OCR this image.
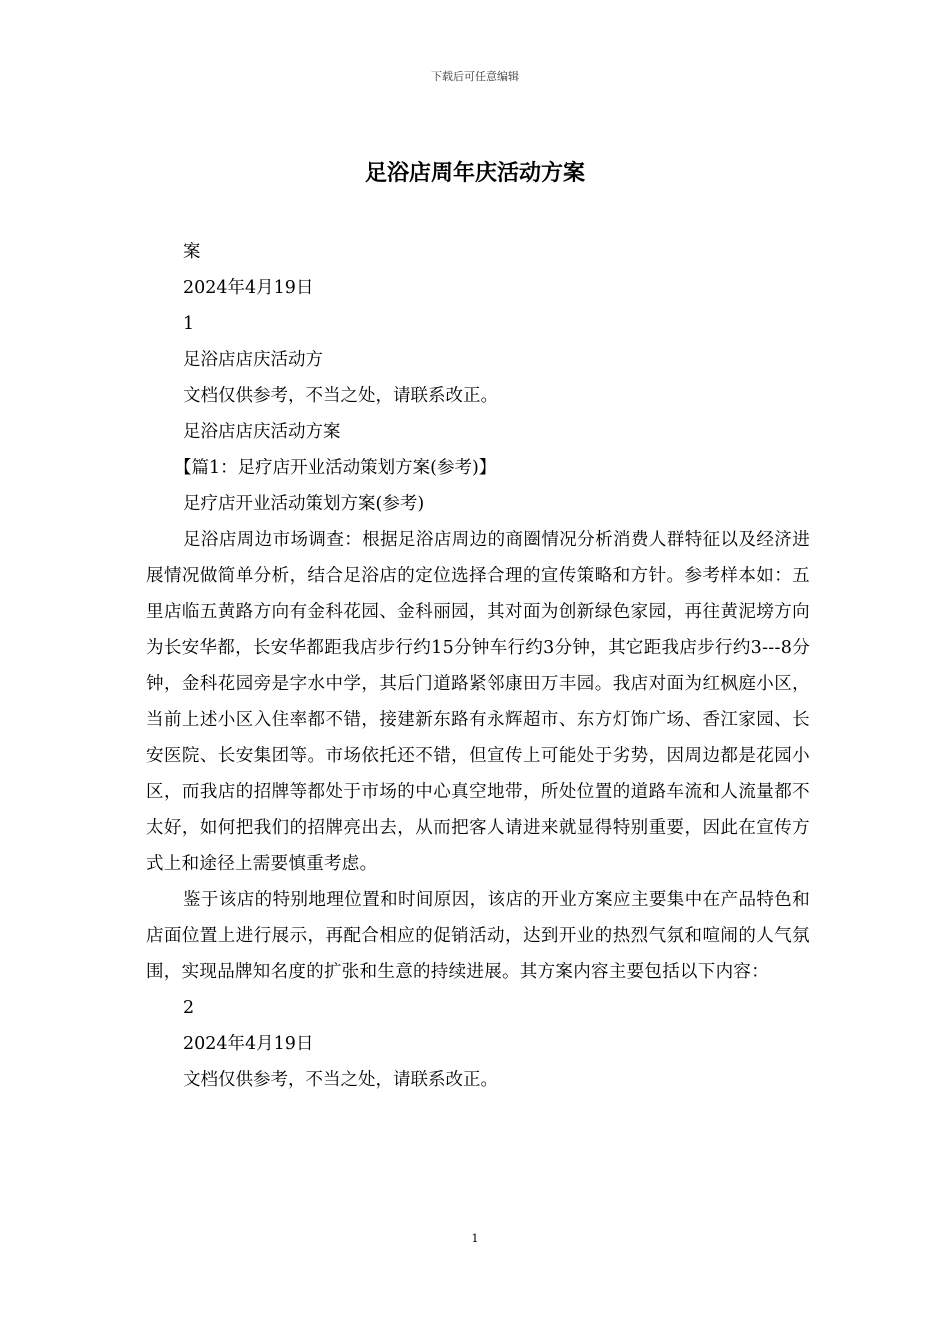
下载后可任意编辑
足浴店周年庆活动方案
案
2024年4月19日
1
足浴店店庆活动方
文档仅供参考，不当之处，请联系改正。
足浴店店庆活动方案
【篇1：足疗店开业活动策划方案(参考)】
足疗店开业活动策划方案(参考)
足浴店周边市场调查：根据足浴店周边的商圈情况分析消费人群特征以及经济进展情况做简单分析，结合足浴店的定位选择合理的宣传策略和方针。参考样本如：五里店临五黄路方向有金科花园、金科丽园，其对面为创新绿色家园，再往黄泥塝方向为长安华都，长安华都距我店步行约15分钟车行约3分钟，其它距我店步行约3---8分钟，金科花园旁是字水中学，其后门道路紧邻康田万丰园。我店对面为红枫庭小区，当前上述小区入住率都不错，接建新东路有永辉超市、东方灯饰广场、香江家园、长安医院、长安集团等。市场依托还不错，但宣传上可能处于劣势，因周边都是花园小区，而我店的招牌等都处于市场的中心真空地带，所处位置的道路车流和人流量都不太好，如何把我们的招牌亮出去，从而把客人请进来就显得特别重要，因此在宣传方式上和途径上需要慎重考虑。
鉴于该店的特别地理位置和时间原因，该店的开业方案应主要集中在产品特色和店面位置上进行展示，再配合相应的促销活动，达到开业的热烈气氛和喧闹的人气氛围，实现品牌知名度的扩张和生意的持续进展。其方案内容主要包括以下内容：
2
2024年4月19日
文档仅供参考，不当之处，请联系改正。
1
